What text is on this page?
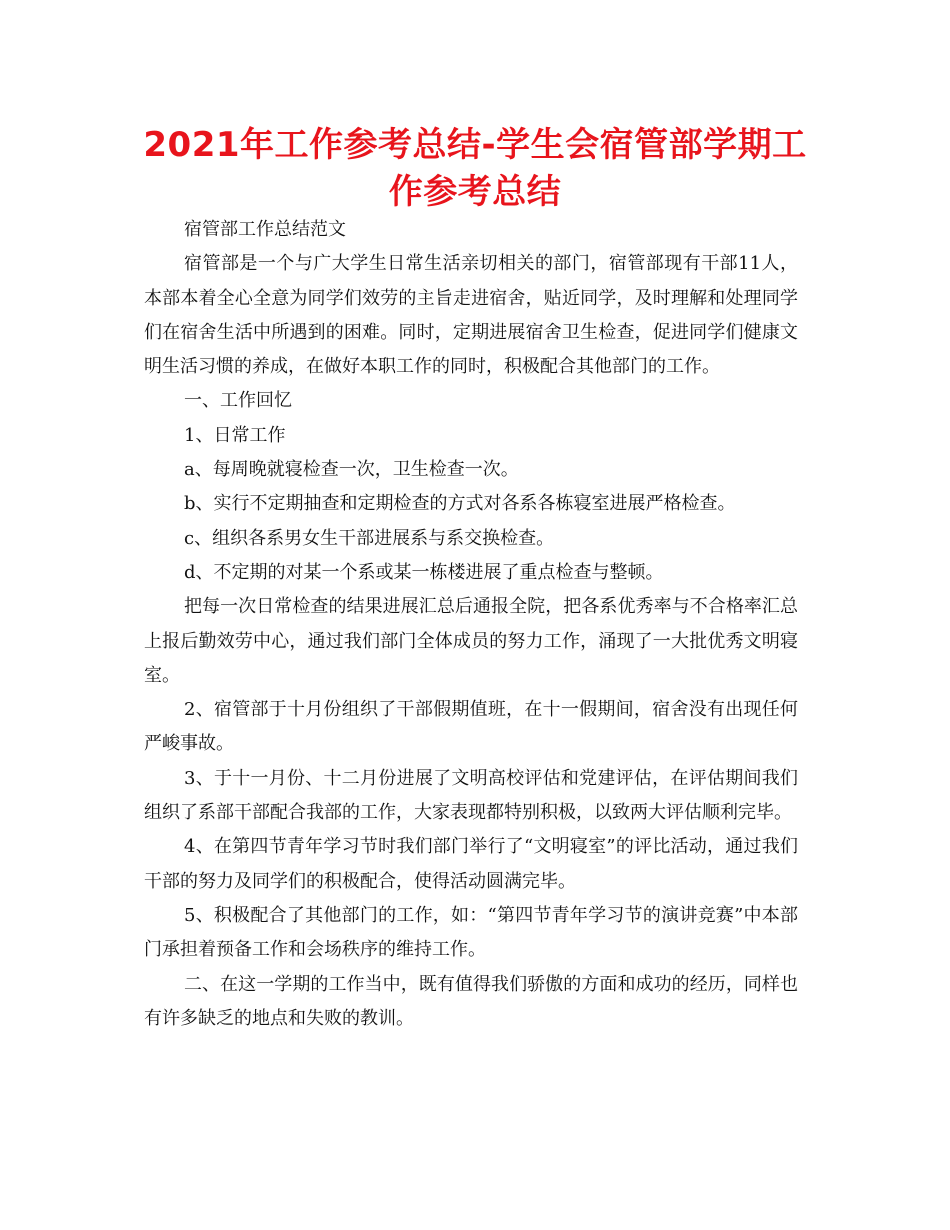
2021年工作参考总结-学生会宿管部学期工作参考总结

宿管部工作总结范文

宿管部是一个与广大学生日常生活亲切相关的部门，宿管部现有干部11人，本部本着全心全意为同学们效劳的主旨走进宿舍，贴近同学，及时理解和处理同学们在宿舍生活中所遇到的困难。同时，定期进展宿舍卫生检查，促进同学们健康文明生活习惯的养成，在做好本职工作的同时，积极配合其他部门的工作。

一、工作回忆

1、日常工作

a、每周晚就寝检查一次，卫生检查一次。

b、实行不定期抽查和定期检查的方式对各系各栋寝室进展严格检查。

c、组织各系男女生干部进展系与系交换检查。

d、不定期的对某一个系或某一栋楼进展了重点检查与整顿。

把每一次日常检查的结果进展汇总后通报全院，把各系优秀率与不合格率汇总上报后勤效劳中心，通过我们部门全体成员的努力工作，涌现了一大批优秀文明寝室。

2、宿管部于十月份组织了干部假期值班，在十一假期间，宿舍没有出现任何严峻事故。

3、于十一月份、十二月份进展了文明高校评估和党建评估，在评估期间我们组织了系部干部配合我部的工作，大家表现都特别积极，以致两大评估顺利完毕。

4、在第四节青年学习节时我们部门举行了“文明寝室”的评比活动，通过我们干部的努力及同学们的积极配合，使得活动圆满完毕。

5、积极配合了其他部门的工作，如：“第四节青年学习节的演讲竞赛”中本部门承担着预备工作和会场秩序的维持工作。

二、在这一学期的工作当中，既有值得我们骄傲的方面和成功的经历，同样也有许多缺乏的地点和失败的教训。
